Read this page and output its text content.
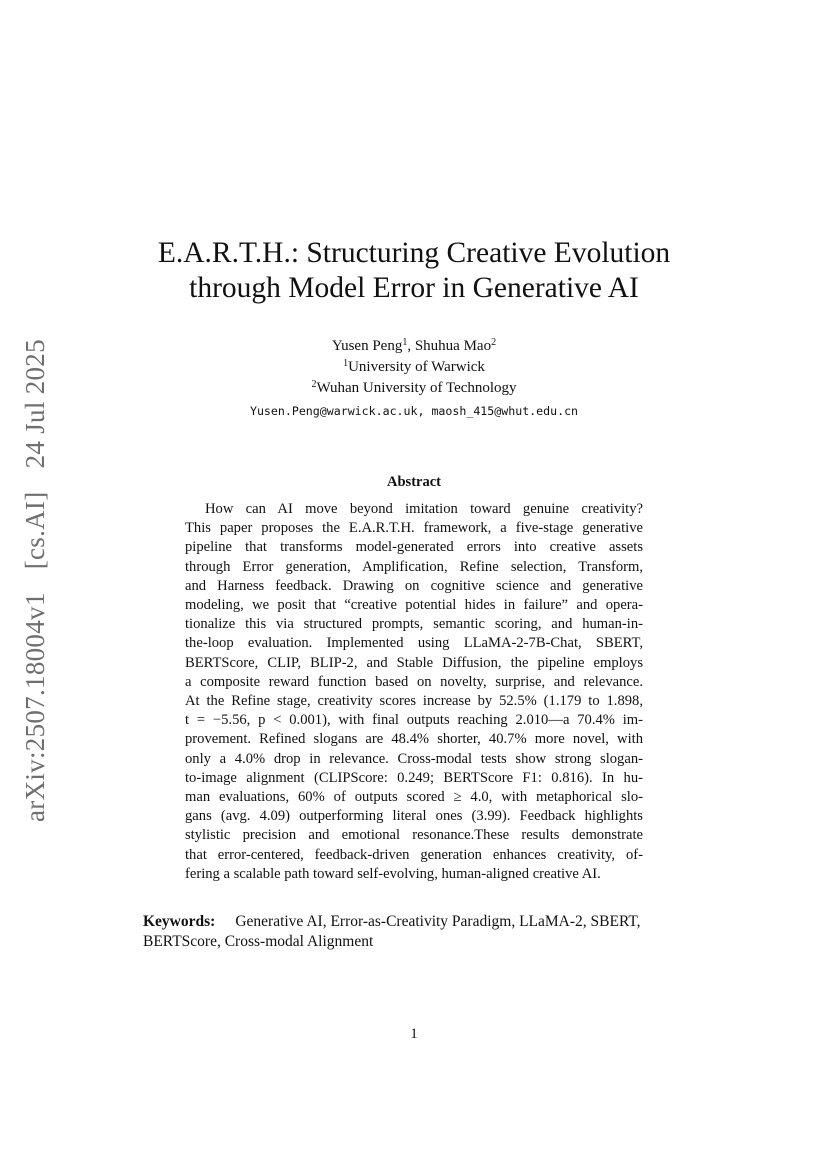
arXiv:2507.18004v1 [cs.AI] 24 Jul 2025
E.A.R.T.H.: Structuring Creative Evolution
through Model Error in Generative AI
Yusen Peng$^1$, Shuhua Mao$^2$
$^1$University of Warwick
$^2$Wuhan University of Technology
Yusen.Peng@warwick.ac.uk, maosh_415@whut.edu.cn
Abstract

How can AI move beyond imitation toward genuine creativity?
This paper proposes the E.A.R.T.H. framework, a five-stage generative
pipeline that transforms model-generated errors into creative assets
through Error generation, Amplification, Refine selection, Transform,
and Harness feedback. Drawing on cognitive science and generative
modeling, we posit that “creative potential hides in failure” and opera-
tionalize this via structured prompts, semantic scoring, and human-in-
the-loop evaluation. Implemented using LLaMA-2-7B-Chat, SBERT,
BERTScore, CLIP, BLIP-2, and Stable Diffusion, the pipeline employs
a composite reward function based on novelty, surprise, and relevance.
At the Refine stage, creativity scores increase by 52.5% (1.179 to 1.898,
t = −5.56, p < 0.001), with final outputs reaching 2.010—a 70.4% im-
provement. Refined slogans are 48.4% shorter, 40.7% more novel, with
only a 4.0% drop in relevance. Cross-modal tests show strong slogan-
to-image alignment (CLIPScore: 0.249; BERTScore F1: 0.816). In hu-
man evaluations, 60% of outputs scored ≥ 4.0, with metaphorical slo-
gans (avg. 4.09) outperforming literal ones (3.99). Feedback highlights
stylistic precision and emotional resonance.These results demonstrate
that error-centered, feedback-driven generation enhances creativity, of-
fering a scalable path toward self-evolving, human-aligned creative AI.

Keywords: Generative AI, Error-as-Creativity Paradigm, LLaMA-2, SBERT,
BERTScore, Cross-modal Alignment
1
